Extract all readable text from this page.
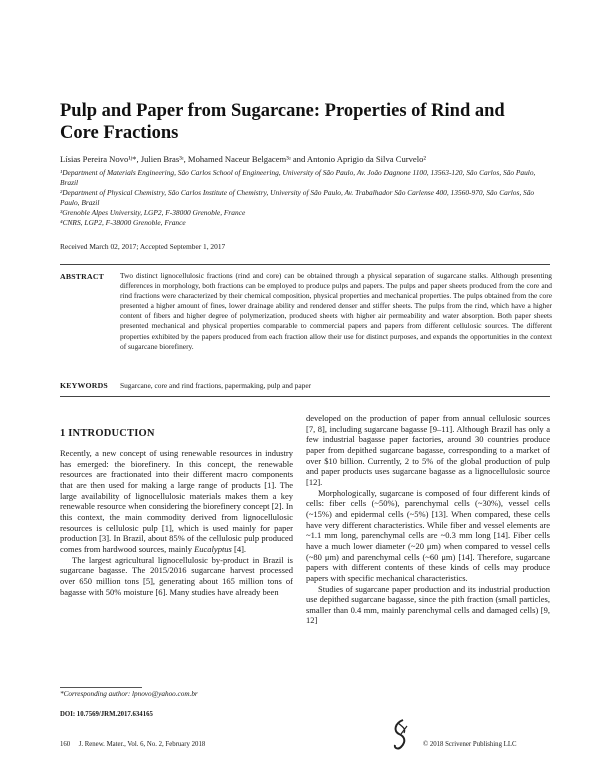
Pulp and Paper from Sugarcane: Properties of Rind and Core Fractions
Lísias Pereira Novo¹ʲ*, Julien Bras³ʴ, Mohamed Naceur Belgacem³ʴ and Antonio Aprigio da Silva Curvelo²
¹Department of Materials Engineering, São Carlos School of Engineering, University of São Paulo, Av. João Dagnone 1100, 13563-120, São Carlos, São Paulo, Brazil
²Department of Physical Chemistry, São Carlos Institute of Chemistry, University of São Paulo, Av. Trabalhador São Carlense 400, 13560-970, São Carlos, São Paulo, Brazil
³Grenoble Alpes University, LGP2, F-38000 Grenoble, France
⁴CNRS, LGP2, F-38000 Grenoble, France
Received March 02, 2017; Accepted September 1, 2017
ABSTRACT Two distinct lignocellulosic fractions (rind and core) can be obtained through a physical separation of sugarcane stalks. Although presenting differences in morphology, both fractions can be employed to produce pulps and papers. The pulps and paper sheets produced from the core and rind fractions were characterized by their chemical composition, physical properties and mechanical properties. The pulps obtained from the core presented a higher amount of fines, lower drainage ability and rendered denser and stiffer sheets. The pulps from the rind, which have a higher content of fibers and higher degree of polymerization, produced sheets with higher air permeability and water absorption. Both paper sheets presented mechanical and physical properties comparable to commercial papers and papers from different cellulosic sources. The different properties exhibited by the papers produced from each fraction allow their use for distinct purposes, and expands the opportunities in the context of sugarcane biorefinery.
KEYWORDS Sugarcane, core and rind fractions, papermaking, pulp and paper
1 INTRODUCTION

Recently, a new concept of using renewable resources in industry has emerged: the biorefinery. In this concept, the renewable resources are fractionated into their different macro components that are then used for making a large range of products [1]. The large availability of lignocellulosic materials makes them a key renewable resource when considering the biorefinery concept [2]. In this context, the main commodity derived from lignocellulosic resources is cellulosic pulp [1], which is used mainly for paper production [3]. In Brazil, about 85% of the cellulosic pulp produced comes from hardwood sources, mainly Eucalyptus [4].

The largest agricultural lignocellulosic by-product in Brazil is sugarcane bagasse. The 2015/2016 sugarcane harvest processed over 650 million tons [5], generating about 165 million tons of bagasse with 50% moisture [6]. Many studies have already been

developed on the production of paper from annual cellulosic sources [7, 8], including sugarcane bagasse [9–11]. Although Brazil has only a few industrial bagasse paper factories, around 30 countries produce paper from depithed sugarcane bagasse, corresponding to a market of over $10 billion. Currently, 2 to 5% of the global production of pulp and paper products uses sugarcane bagasse as a lignocellulosic source [12].

Morphologically, sugarcane is composed of four different kinds of cells: fiber cells (~50%), parenchymal cells (~30%), vessel cells (~15%) and epidermal cells (~5%) [13]. When compared, these cells have very different characteristics. While fiber and vessel elements are ~1.1 mm long, parenchymal cells are ~0.3 mm long [14]. Fiber cells have a much lower diameter (~20 μm) when compared to vessel cells (~80 μm) and parenchymal cells (~60 μm) [14]. Therefore, sugarcane papers with different contents of these kinds of cells may produce papers with specific mechanical characteristics.

Studies of sugarcane paper production and its industrial production use depithed sugarcane bagasse, since the pith fraction (small particles, smaller than 0.4 mm, mainly parenchymal cells and damaged cells) [9, 12]

*Corresponding author: lpnovo@yahoo.com.br
DOI: 10.7569/JRM.2017.634165
160     J. Renew. Mater., Vol. 6, No. 2, February 2018	© 2018 Scrivener Publishing LLC
